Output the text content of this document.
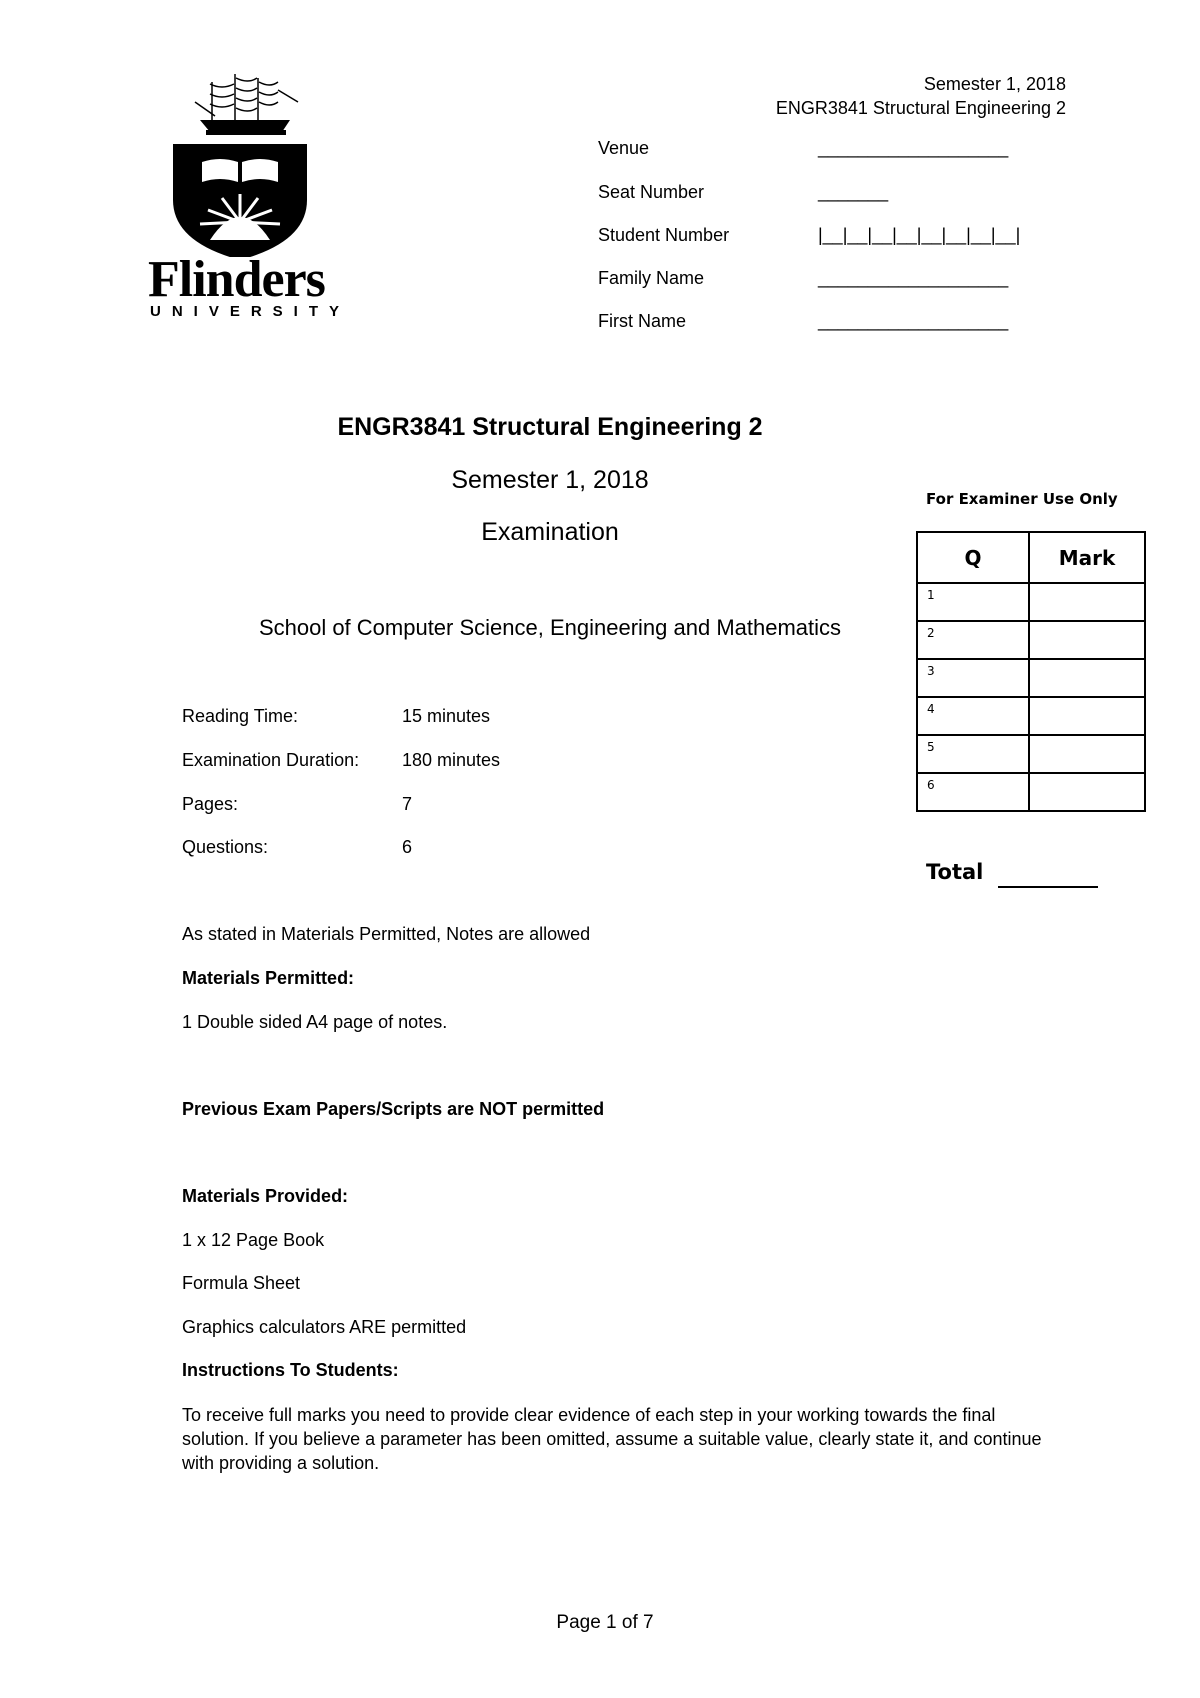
Semester 1, 2018
ENGR3841 Structural Engineering 2
Flinders
UNIVERSITY
Venue	___________________
Seat Number	_______
Student Number	|__|__|__|__|__|__|__|__|
Family Name	___________________
First Name	___________________
ENGR3841 Structural Engineering 2
Semester 1, 2018
Examination
School of Computer Science, Engineering and Mathematics
Reading Time:	15 minutes
Examination Duration: 180 minutes
Pages:	7
Questions:	6
As stated in Materials Permitted, Notes are allowed
Materials Permitted:
1 Double sided A4 page of notes.
Previous Exam Papers/Scripts are NOT permitted
Materials Provided:
1 x 12 Page Book
Formula Sheet
Graphics calculators ARE permitted
Instructions To Students:
To receive full marks you need to provide clear evidence of each step in your working towards the final solution. If you believe a parameter has been omitted, assume a suitable value, clearly state it, and continue with providing a solution.
For Examiner Use Only
Q	Mark
1	
2	
3	
4	
5	
6	
Total
Page 1 of 7
